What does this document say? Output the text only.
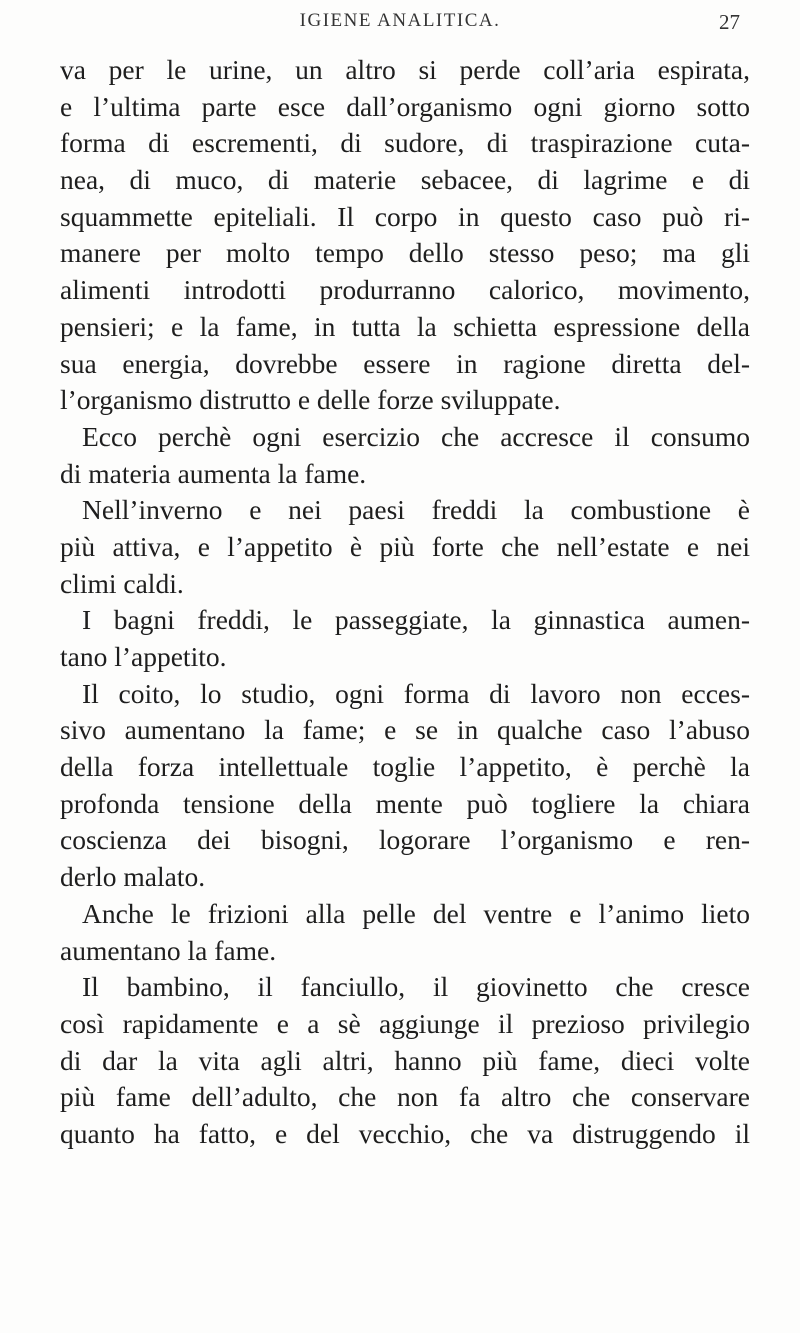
IGIENE ANALITICA.	27
va per le urine, un altro si perde coll’aria espirata,
e l’ultima parte esce dall’organismo ogni giorno sotto
forma di escrementi, di sudore, di traspirazione cuta-
nea, di muco, di materie sebacee, di lagrime e di
squammette epiteliali. Il corpo in questo caso può ri-
manere per molto tempo dello stesso peso; ma gli
alimenti introdotti produrranno calorico, movimento,
pensieri; e la fame, in tutta la schietta espressione della
sua energia, dovrebbe essere in ragione diretta del-
l’organismo distrutto e delle forze sviluppate.
Ecco perchè ogni esercizio che accresce il consumo
di materia aumenta la fame.
Nell’inverno e nei paesi freddi la combustione è
più attiva, e l’appetito è più forte che nell’estate e nei
climi caldi.
I bagni freddi, le passeggiate, la ginnastica aumen-
tano l’appetito.
Il coito, lo studio, ogni forma di lavoro non ecces-
sivo aumentano la fame; e se in qualche caso l’abuso
della forza intellettuale toglie l’appetito, è perchè la
profonda tensione della mente può togliere la chiara
coscienza dei bisogni, logorare l’organismo e ren-
derlo malato.
Anche le frizioni alla pelle del ventre e l’animo lieto
aumentano la fame.
Il bambino, il fanciullo, il giovinetto che cresce
così rapidamente e a sè aggiunge il prezioso privilegio
di dar la vita agli altri, hanno più fame, dieci volte
più fame dell’adulto, che non fa altro che conservare
quanto ha fatto, e del vecchio, che va distruggendo il
